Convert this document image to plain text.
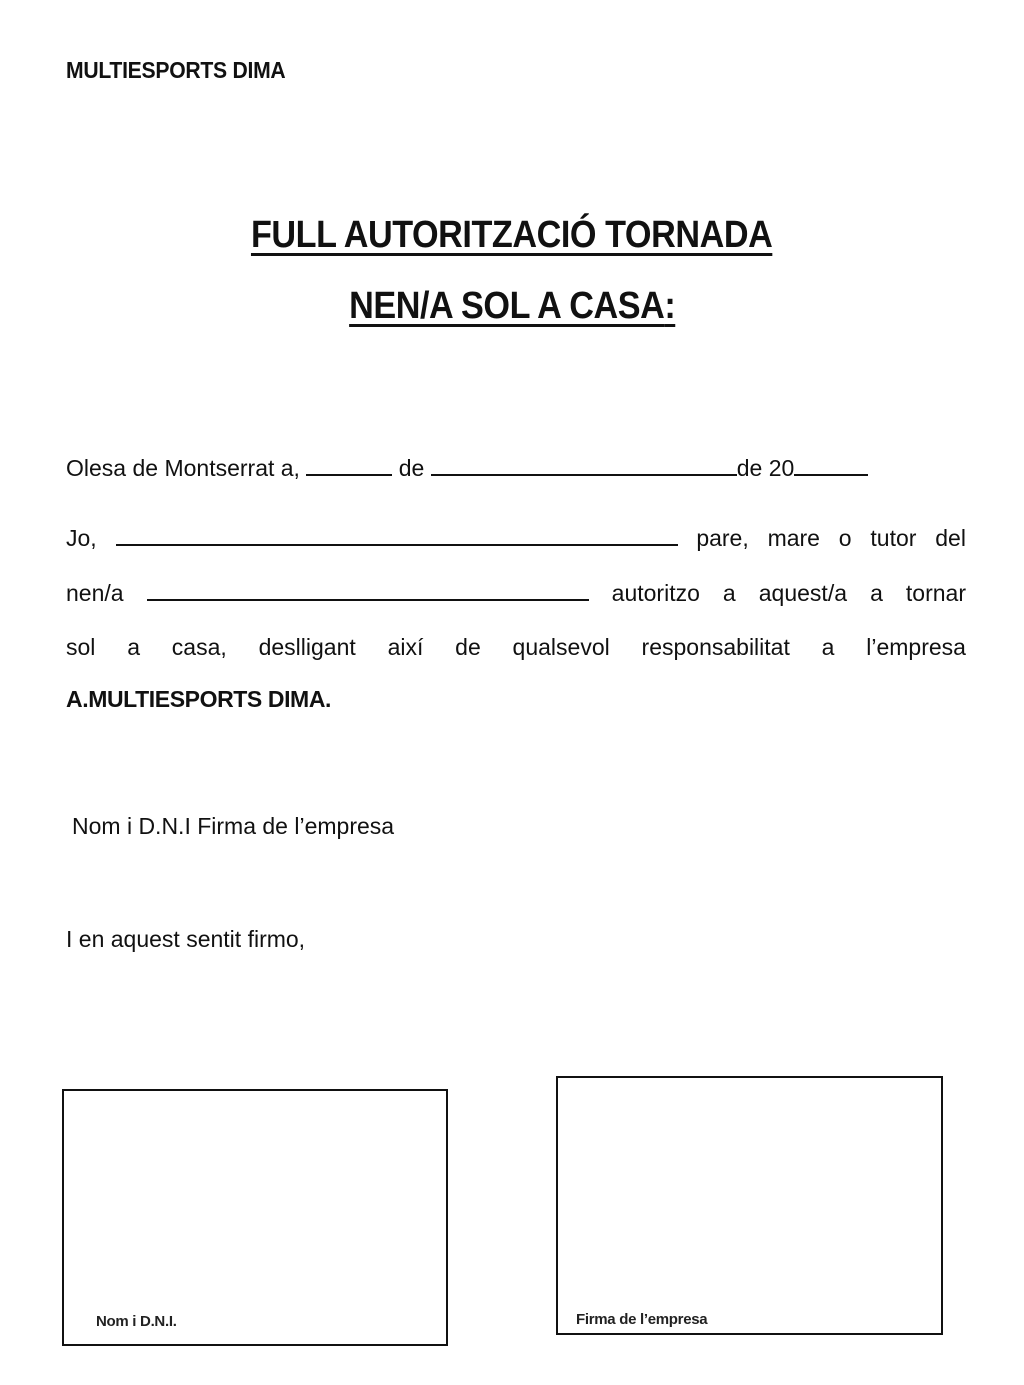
MULTIESPORTS DIMA
FULL AUTORITZACIÓ TORNADA
NEN/A SOL A CASA:
Olesa de Montserrat a,	de	de 20
Jo,	pare, mare o tutor del
nen/a	autoritzo a aquest/a a tornar
sol a casa, deslligant així de qualsevol responsabilitat a l’empresa
A.MULTIESPORTS DIMA.
Nom i D.N.I Firma de l’empresa
I en aquest sentit firmo,
Nom i D.N.I.	Firma de l’empresa
